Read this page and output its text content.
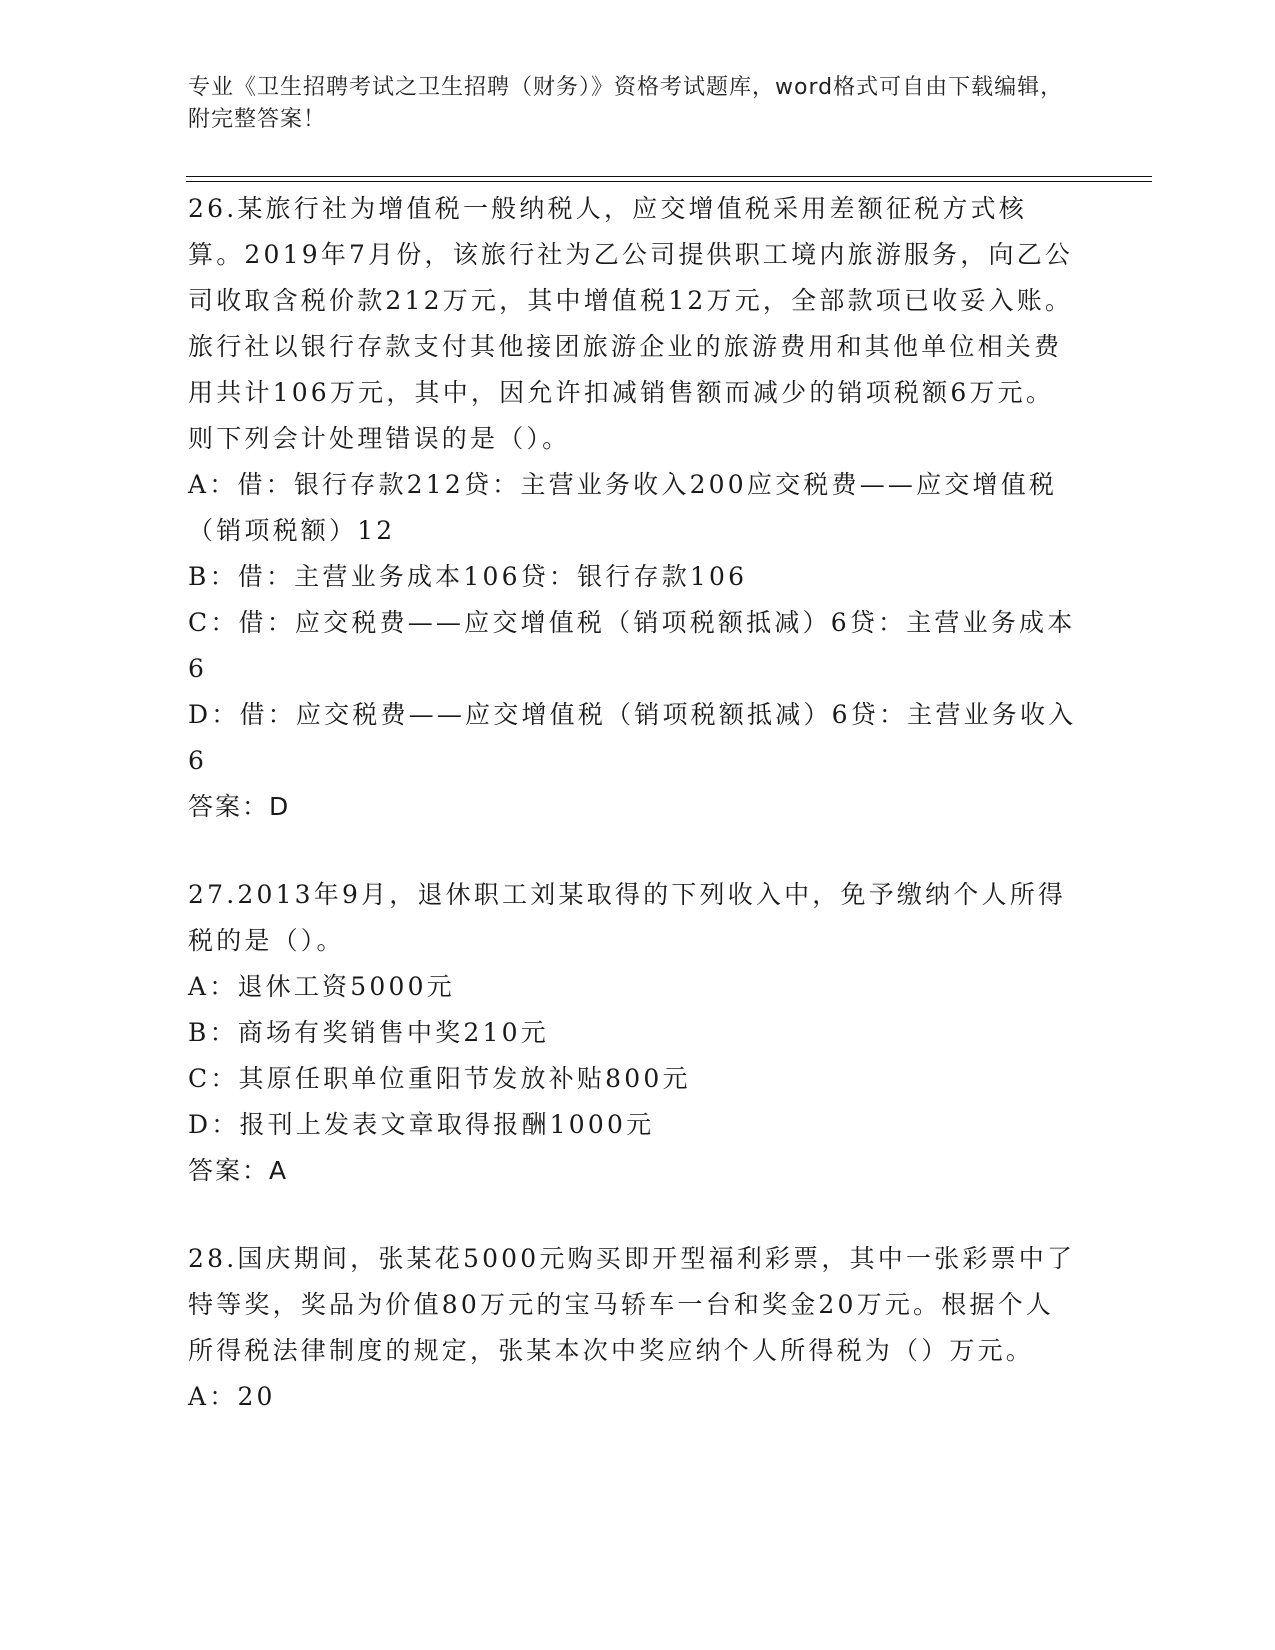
专业《卫生招聘考试之卫生招聘（财务）》资格考试题库，word格式可自由下载编辑，附完整答案！

26.某旅行社为增值税一般纳税人，应交增值税采用差额征税方式核算。2019年7月份，该旅行社为乙公司提供职工境内旅游服务，向乙公司收取含税价款212万元，其中增值税12万元，全部款项已收妥入账。旅行社以银行存款支付其他接团旅游企业的旅游费用和其他单位相关费用共计106万元，其中，因允许扣减销售额而减少的销项税额6万元。则下列会计处理错误的是（）。

A：借：银行存款212贷：主营业务收入200应交税费——应交增值税（销项税额）12

B：借：主营业务成本106贷：银行存款106

C：借：应交税费——应交增值税（销项税额抵减）6贷：主营业务成本6

D：借：应交税费——应交增值税（销项税额抵减）6贷：主营业务收入6

答案：D

27.2013年9月，退休职工刘某取得的下列收入中，免予缴纳个人所得税的是（）。

A：退休工资5000元

B：商场有奖销售中奖210元

C：其原任职单位重阳节发放补贴800元

D：报刊上发表文章取得报酬1000元

答案：A

28.国庆期间，张某花5000元购买即开型福利彩票，其中一张彩票中了特等奖，奖品为价值80万元的宝马轿车一台和奖金20万元。根据个人所得税法律制度的规定，张某本次中奖应纳个人所得税为（）万元。

A：20
